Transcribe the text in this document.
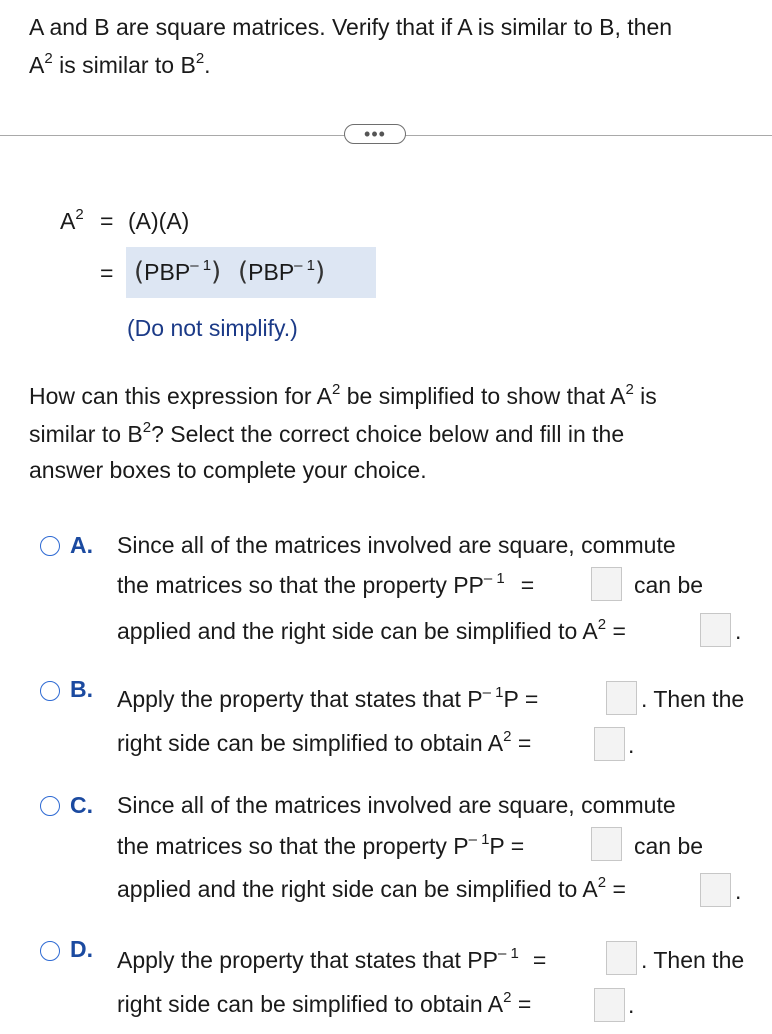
A and B are square matrices. Verify that if A is similar to B, then
$A^2$ is similar to $B^2$.
•••
$A^2 = (A)(A)$
= $(PBP^{- 1})$ $(PBP^{- 1})$
(Do not simplify.)
How can this expression for $A^2$ be simplified to show that $A^2$ is
similar to $B^2$? Select the correct choice below and fill in the
answer boxes to complete your choice.
A. Since all of the matrices involved are square, commute
the matrices so that the property $PP^{- 1}$ =	can be
applied and the right side can be simplified to $A^2$ =	.
B. Apply the property that states that $P^{- 1}P$ =	. Then the
right side can be simplified to obtain $A^2$ =	.
C. Since all of the matrices involved are square, commute
the matrices so that the property $P^{- 1}P$ =	can be
applied and the right side can be simplified to $A^2$ =	.
D. Apply the property that states that $PP^{- 1}$ =	. Then the
right side can be simplified to obtain $A^2$ =	.
